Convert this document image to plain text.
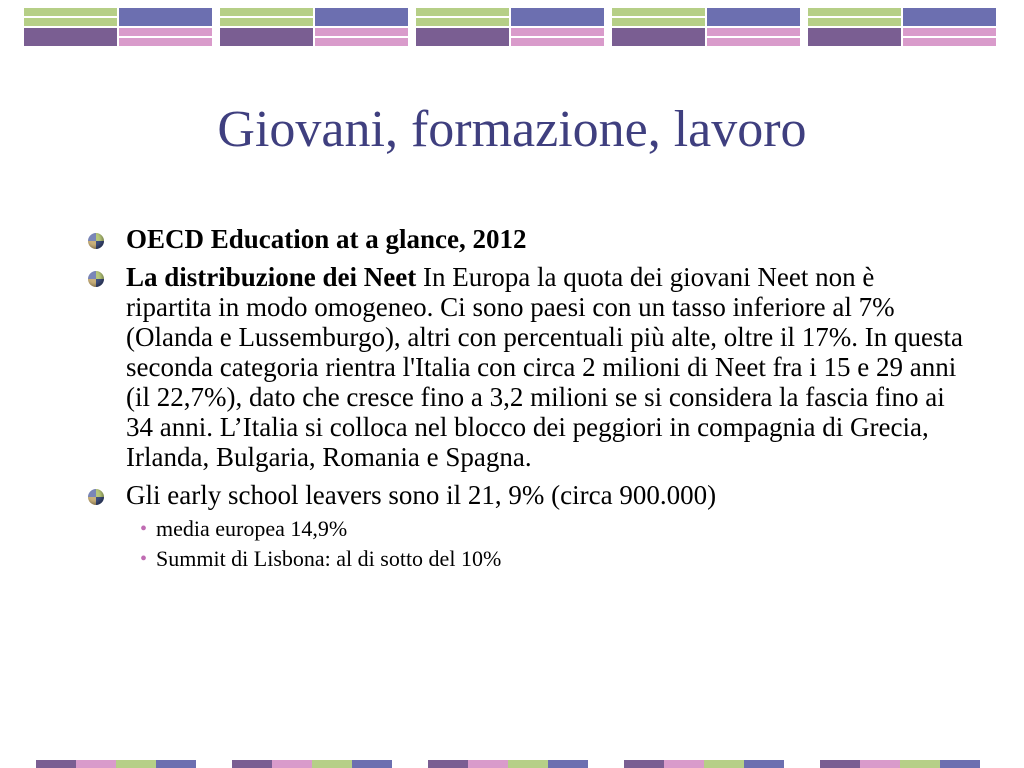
Giovani, formazione, lavoro
OECD Education at a glance, 2012
La distribuzione dei Neet In Europa la quota dei giovani Neet non è ripartita in modo omogeneo. Ci sono paesi con un tasso inferiore al 7% (Olanda e Lussemburgo), altri con percentuali più alte, oltre il 17%. In questa seconda categoria rientra l'Italia con circa 2 milioni di Neet fra i 15 e 29 anni (il 22,7%), dato che cresce fino a 3,2 milioni se si considera la fascia fino ai 34 anni. L’Italia si colloca nel blocco dei peggiori in compagnia di Grecia, Irlanda, Bulgaria, Romania e Spagna.
Gli early school leavers sono il 21, 9% (circa 900.000)
• media europea 14,9%
• Summit di Lisbona: al di sotto del 10%
